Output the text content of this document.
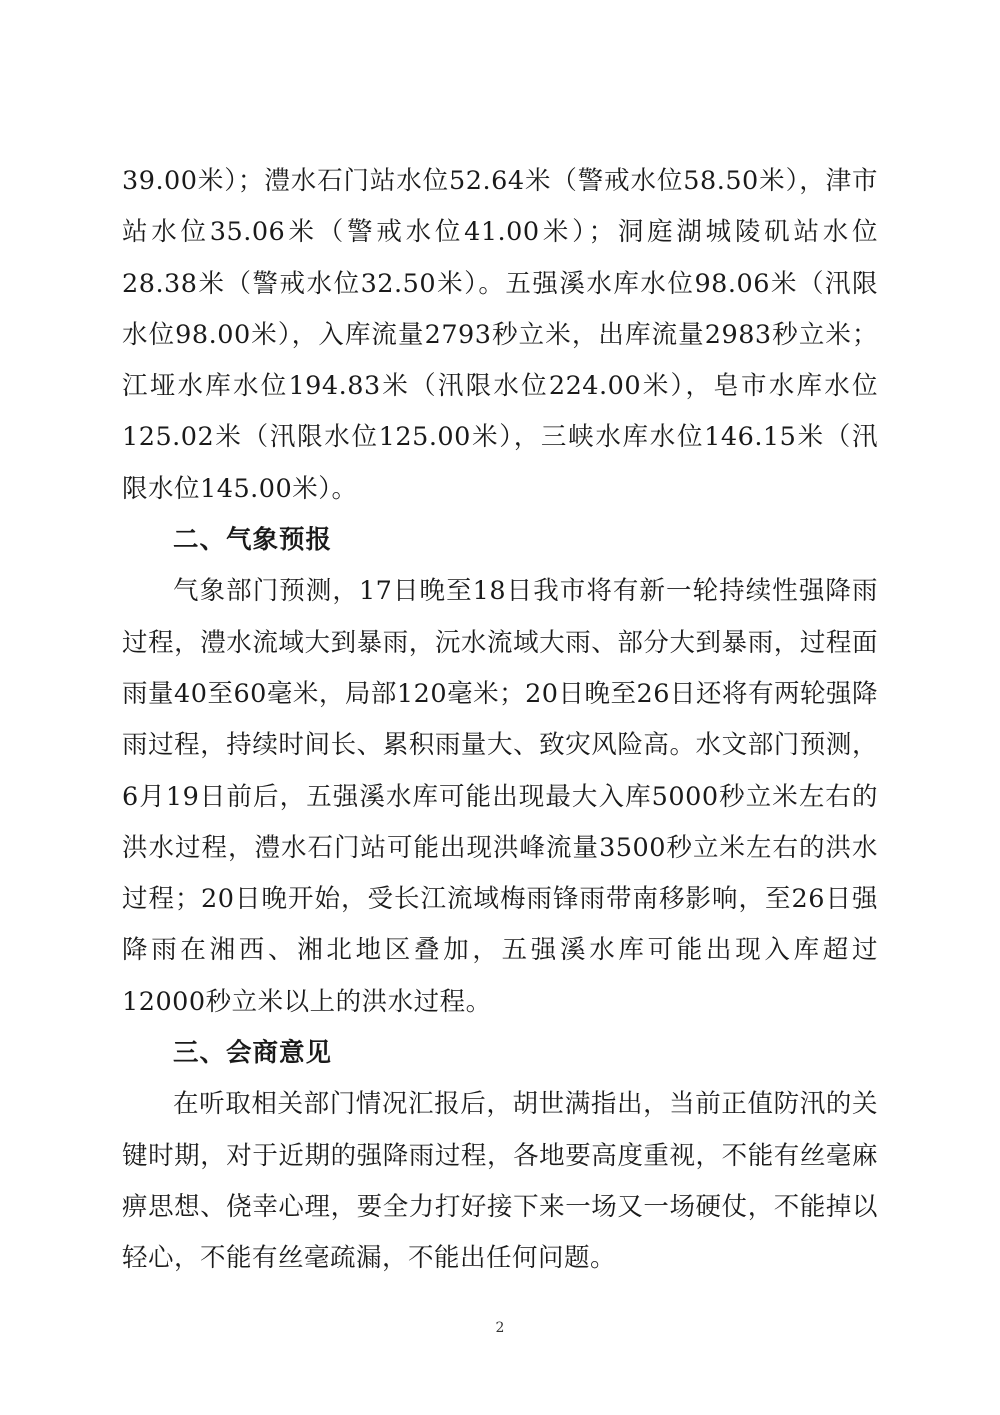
39.00米）；澧水石门站水位52.64米（警戒水位58.50米），津市站水位35.06米（警戒水位41.00米）；洞庭湖城陵矶站水位28.38米（警戒水位32.50米）。五强溪水库水位98.06米（汛限水位98.00米），入库流量2793秒立米，出库流量2983秒立米；江垭水库水位194.83米（汛限水位224.00米），皂市水库水位125.02米（汛限水位125.00米），三峡水库水位146.15米（汛限水位145.00米）。

二、气象预报

气象部门预测，17日晚至18日我市将有新一轮持续性强降雨过程，澧水流域大到暴雨，沅水流域大雨、部分大到暴雨，过程面雨量40至60毫米，局部120毫米；20日晚至26日还将有两轮强降雨过程，持续时间长、累积雨量大、致灾风险高。水文部门预测，6月19日前后，五强溪水库可能出现最大入库5000秒立米左右的洪水过程，澧水石门站可能出现洪峰流量3500秒立米左右的洪水过程；20日晚开始，受长江流域梅雨锋雨带南移影响，至26日强降雨在湘西、湘北地区叠加，五强溪水库可能出现入库超过12000秒立米以上的洪水过程。

三、会商意见

在听取相关部门情况汇报后，胡世满指出，当前正值防汛的关键时期，对于近期的强降雨过程，各地要高度重视，不能有丝毫麻痹思想、侥幸心理，要全力打好接下来一场又一场硬仗，不能掉以轻心，不能有丝毫疏漏，不能出任何问题。

2
